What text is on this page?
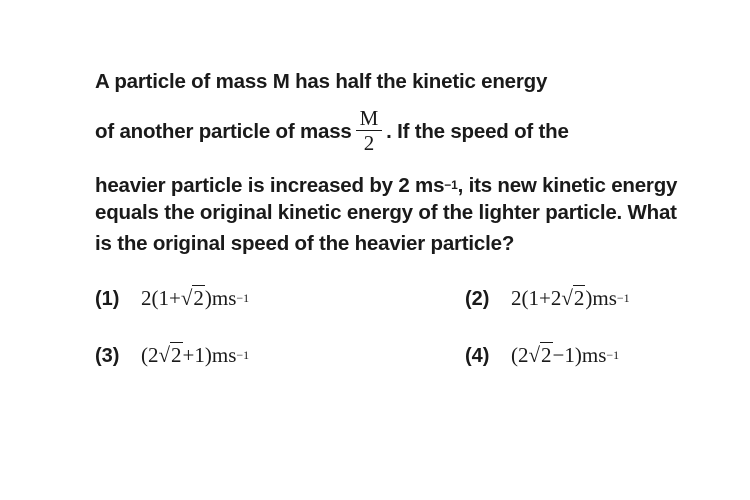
A particle of mass M has half the kinetic energy
of another particle of mass $\frac{M}{2}$ . If the speed of the
heavier particle is increased by 2 $ms^{-1}$, its new kinetic energy
equals the original kinetic energy of the lighter particle. What
is the original speed of the heavier particle?
(1) $2(1+√2)ms^{-1}$	(2) $2(1+2√2)ms^{-1}$
(3) $(2√2+1)ms^{-1}$	(4) $(2√2-1)ms^{-1}$
